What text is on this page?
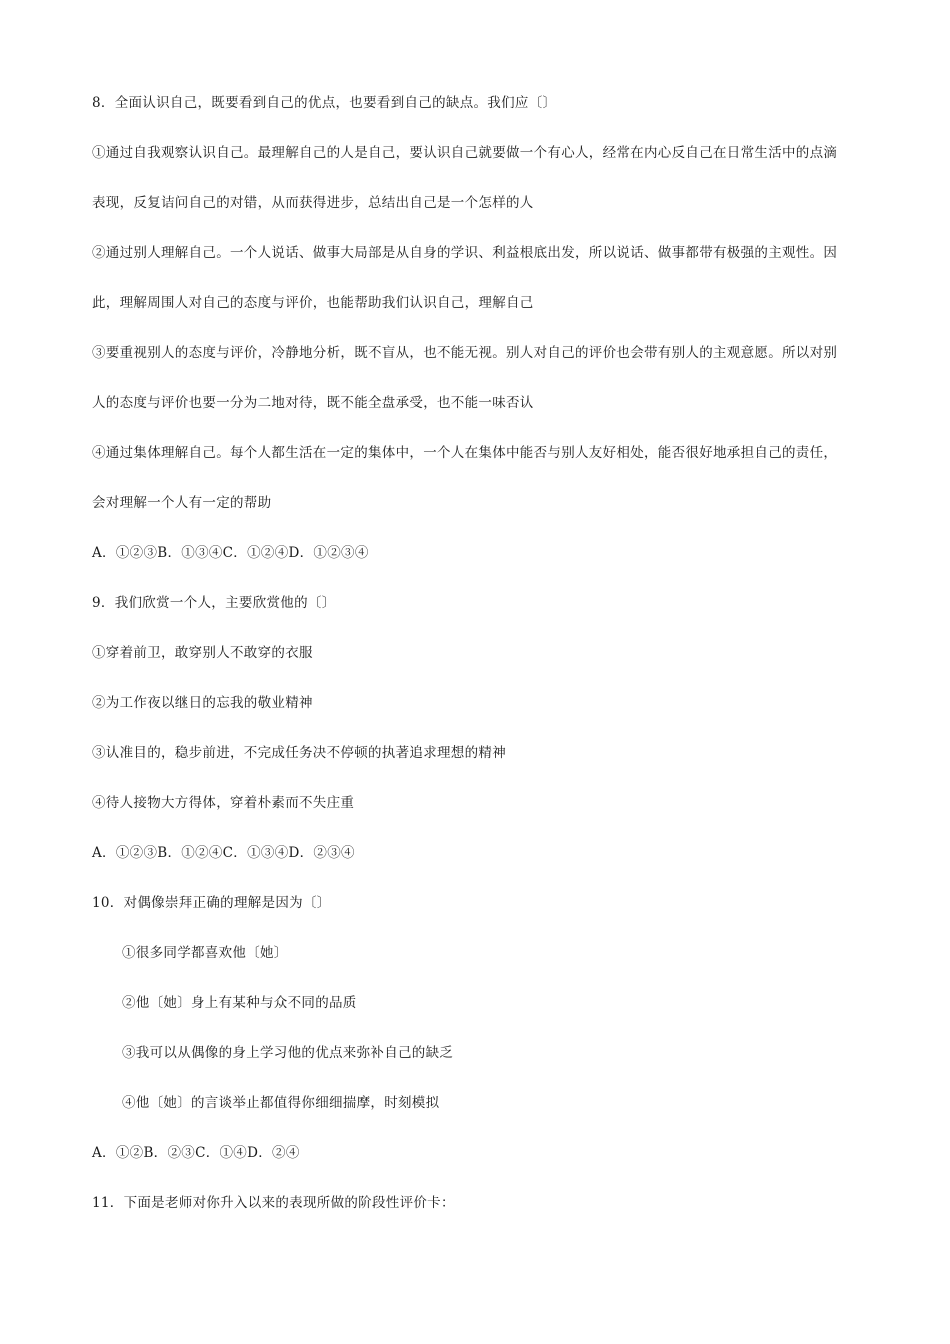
8．全面认识自己，既要看到自己的优点，也要看到自己的缺点。我们应〔〕
①通过自我观察认识自己。最理解自己的人是自己，要认识自己就要做一个有心人，经常在内心反自己在日常生活中的点滴
表现，反复诘问自己的对错，从而获得进步，总结出自己是一个怎样的人
②通过别人理解自己。一个人说话、做事大局部是从自身的学识、利益根底出发，所以说话、做事都带有极强的主观性。因
此，理解周围人对自己的态度与评价，也能帮助我们认识自己，理解自己
③要重视别人的态度与评价，冷静地分析，既不盲从，也不能无视。别人对自己的评价也会带有别人的主观意愿。所以对别
人的态度与评价也要一分为二地对待，既不能全盘承受，也不能一味否认
④通过集体理解自己。每个人都生活在一定的集体中，一个人在集体中能否与别人友好相处，能否很好地承担自己的责任，
会对理解一个人有一定的帮助
A．①②③B．①③④C．①②④D．①②③④
9．我们欣赏一个人，主要欣赏他的〔〕
①穿着前卫，敢穿别人不敢穿的衣服
②为工作夜以继日的忘我的敬业精神
③认准目的，稳步前进，不完成任务决不停顿的执著追求理想的精神
④待人接物大方得体，穿着朴素而不失庄重
A．①②③B．①②④C．①③④D．②③④
10．对偶像崇拜正确的理解是因为〔〕
①很多同学都喜欢他〔她〕
②他〔她〕身上有某种与众不同的品质
③我可以从偶像的身上学习他的优点来弥补自己的缺乏
④他〔她〕的言谈举止都值得你细细揣摩，时刻模拟
A．①②B．②③C．①④D．②④
11．下面是老师对你升入以来的表现所做的阶段性评价卡：
